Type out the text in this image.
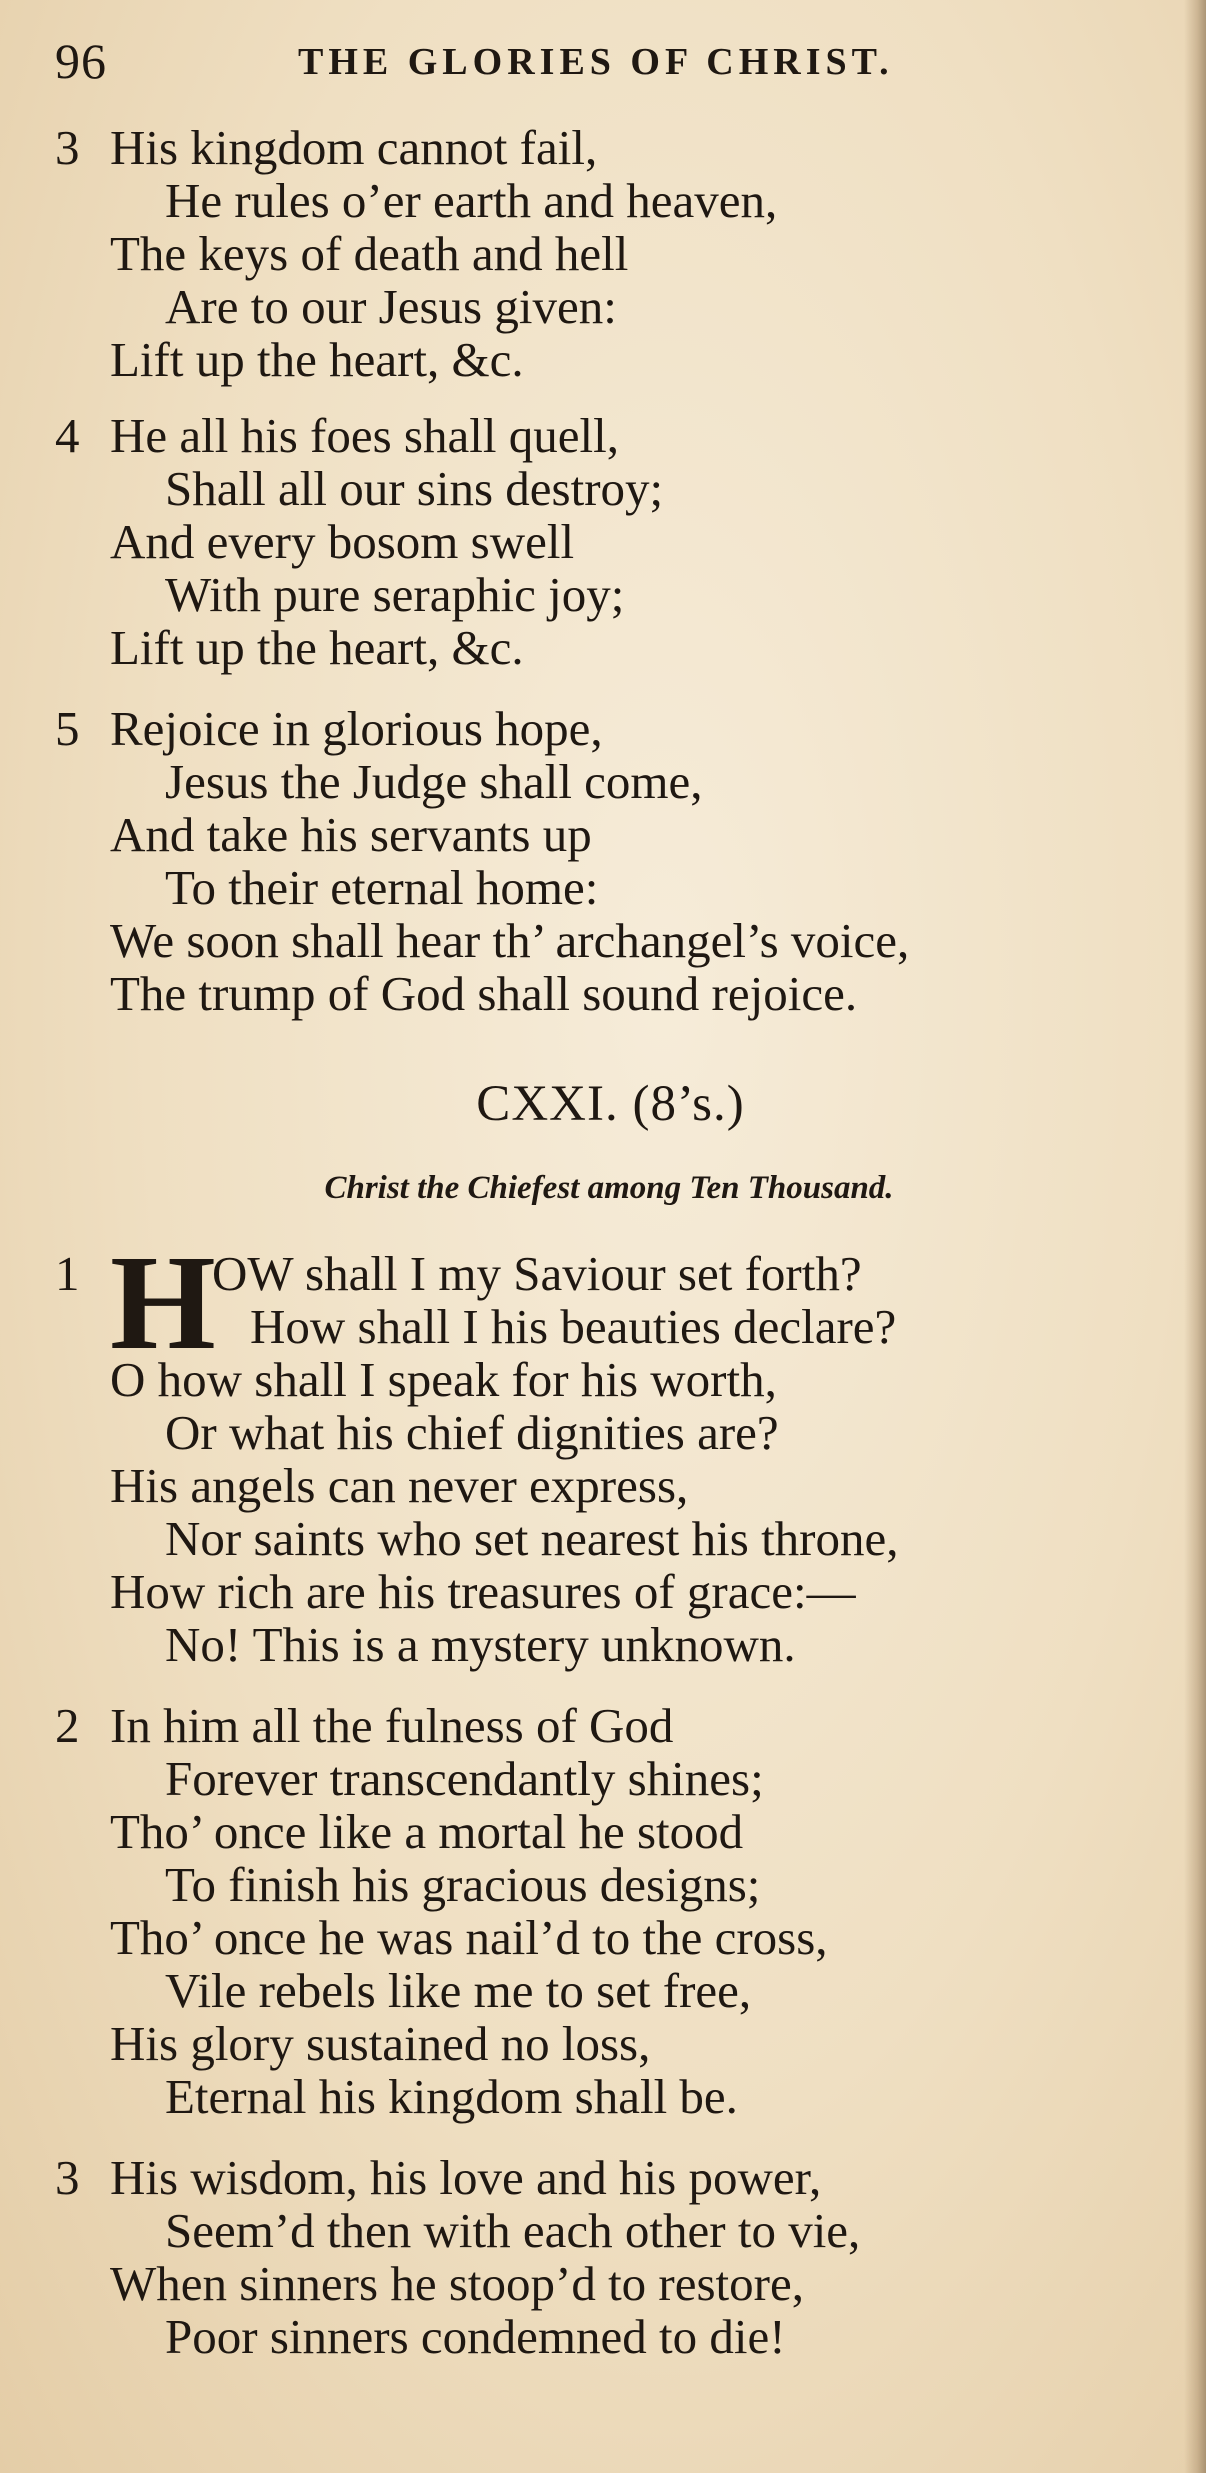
96	THE GLORIES OF CHRIST.
3 His kingdom cannot fail,
He rules o’er earth and heaven,
The keys of death and hell
Are to our Jesus given:
Lift up the heart, &c.
4 He all his foes shall quell,
Shall all our sins destroy;
And every bosom swell
With pure seraphic joy;
Lift up the heart, &c.
5 Rejoice in glorious hope,
Jesus the Judge shall come,
And take his servants up
To their eternal home:
We soon shall hear th’ archangel’s voice,
The trump of God shall sound rejoice.
CXXI. (8’s.)
Christ the Chiefest among Ten Thousand.
1 H
OW shall I my Saviour set forth?
How shall I his beauties declare?
O how shall I speak for his worth,
Or what his chief dignities are?
His angels can never express,
Nor saints who set nearest his throne,
How rich are his treasures of grace:—
No! This is a mystery unknown.
2 In him all the fulness of God
Forever transcendantly shines;
Tho’ once like a mortal he stood
To finish his gracious designs;
Tho’ once he was nail’d to the cross,
Vile rebels like me to set free,
His glory sustained no loss,
Eternal his kingdom shall be.
3 His wisdom, his love and his power,
Seem’d then with each other to vie,
When sinners he stoop’d to restore,
Poor sinners condemned to die!
